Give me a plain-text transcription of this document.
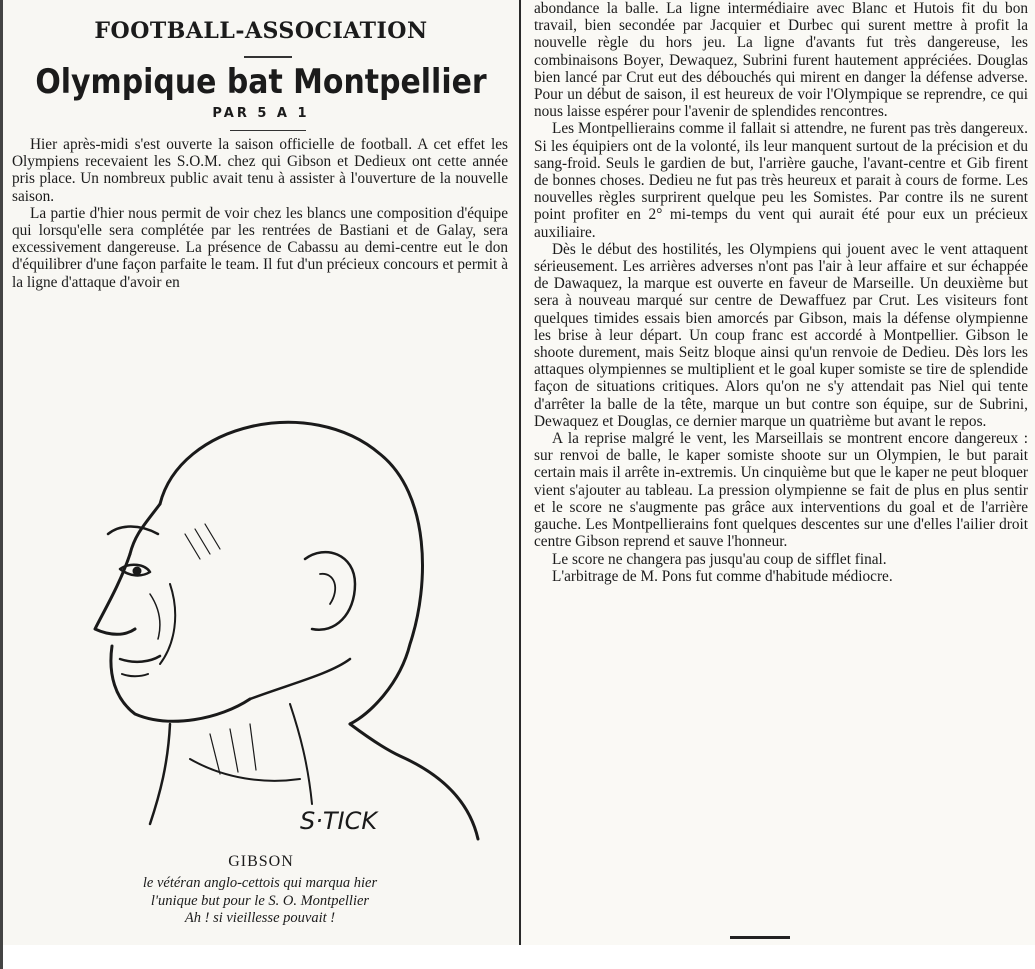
FOOTBALL-ASSOCIATION
Olympique bat Montpellier
PAR 5 A 1

Hier après-midi s'est ouverte la saison officielle de football. A cet effet les Olympiens recevaient les S.O.M. chez qui Gibson et Dedieux ont cette année pris place. Un nombreux public avait tenu à assister à l'ouverture de la nouvelle saison.

La partie d'hier nous permit de voir chez les blancs une composition d'équipe qui lorsqu'elle sera complétée par les rentrées de Bastiani et de Galay, sera excessivement dangereuse. La présence de Cabassu au demi-centre eut le don d'équilibrer d'une façon parfaite le team. Il fut d'un précieux concours et permit à la ligne d'attaque d'avoir en

S·TICK
GIBSON
le vétéran anglo-cettois qui marqua hier
l'unique but pour le S. O. Montpellier
Ah ! si vieillesse pouvait !

abondance la balle. La ligne intermédiaire avec Blanc et Hutois fit du bon travail, bien secondée par Jacquier et Durbec qui surent mettre à profit la nouvelle règle du hors jeu. La ligne d'avants fut très dangereuse, les combinaisons Boyer, Dewaquez, Subrini furent hautement appréciées. Douglas bien lancé par Crut eut des débouchés qui mirent en danger la défense adverse. Pour un début de saison, il est heureux de voir l'Olympique se reprendre, ce qui nous laisse espérer pour l'avenir de splendides rencontres.

Les Montpellierains comme il fallait si attendre, ne furent pas très dangereux. Si les équipiers ont de la volonté, ils leur manquent surtout de la précision et du sang-froid. Seuls le gardien de but, l'arrière gauche, l'avant-centre et Gib firent de bonnes choses. Dedieu ne fut pas très heureux et parait à cours de forme. Les nouvelles règles surprirent quelque peu les Somistes. Par contre ils ne surent point profiter en 2° mi-temps du vent qui aurait été pour eux un précieux auxiliaire.

Dès le début des hostilités, les Olympiens qui jouent avec le vent attaquent sérieusement. Les arrières adverses n'ont pas l'air à leur affaire et sur échappée de Dawaquez, la marque est ouverte en faveur de Marseille. Un deuxième but sera à nouveau marqué sur centre de Dewaffuez par Crut. Les visiteurs font quelques timides essais bien amorcés par Gibson, mais la défense olympienne les brise à leur départ. Un coup franc est accordé à Montpellier. Gibson le shoote durement, mais Seitz bloque ainsi qu'un renvoie de Dedieu. Dès lors les attaques olympiennes se multiplient et le goal kuper somiste se tire de splendide façon de situations critiques. Alors qu'on ne s'y attendait pas Niel qui tente d'arrêter la balle de la tête, marque un but contre son équipe, sur de Subrini, Dewaquez et Douglas, ce dernier marque un quatrième but avant le repos.

A la reprise malgré le vent, les Marseillais se montrent encore dangereux : sur renvoi de balle, le kaper somiste shoote sur un Olympien, le but parait certain mais il arrête in-extremis. Un cinquième but que le kaper ne peut bloquer vient s'ajouter au tableau. La pression olympienne se fait de plus en plus sentir et le score ne s'augmente pas grâce aux interventions du goal et de l'arrière gauche. Les Montpellierains font quelques descentes sur une d'elles l'ailier droit centre Gibson reprend et sauve l'honneur.

Le score ne changera pas jusqu'au coup de sifflet final.

L'arbitrage de M. Pons fut comme d'habitude médiocre.
